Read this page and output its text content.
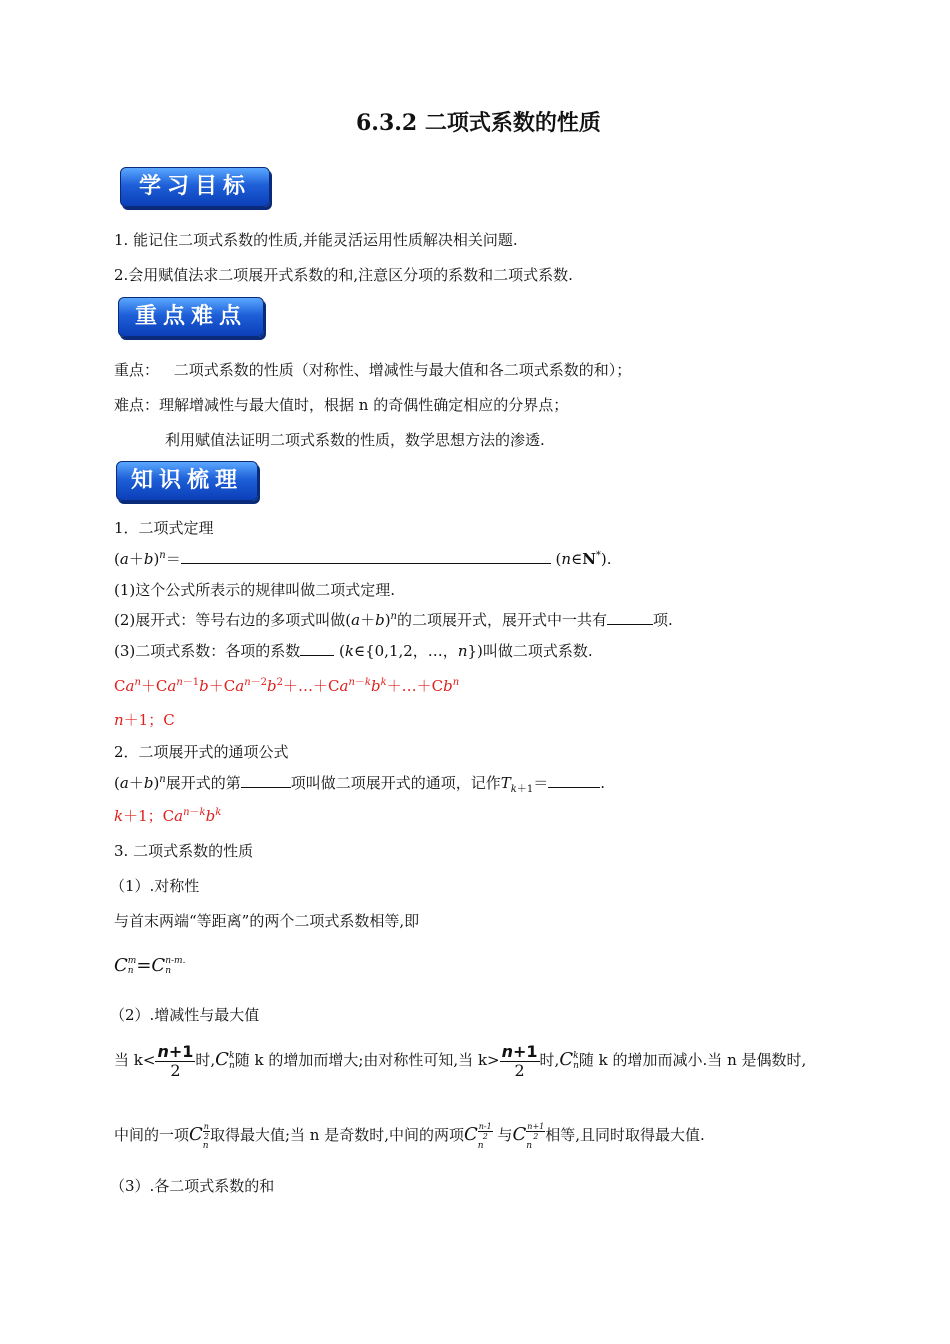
6.3.2 二项式系数的性质
学习目标
1. 能记住二项式系数的性质,并能灵活运用性质解决相关问题.
2.会用赋值法求二项展开式系数的和,注意区分项的系数和二项式系数.
重点难点
重点： 二项式系数的性质（对称性、增减性与最大值和各二项式系数的和）；
难点：理解增减性与最大值时，根据 n 的奇偶性确定相应的分界点；
利用赋值法证明二项式系数的性质，数学思想方法的渗透.
知识梳理
1．二项式定理
$(a+b)^n=$	(n∈N*).
(1)这个公式所表示的规律叫做二项式定理.
(2)展开式：等号右边的多项式叫做$(a+b)^n$的二项展开式，展开式中一共有	项.
(3)二项式系数：各项的系数	(k∈{0,1,2，…，n})叫做二项式系数.
$Ca^n+Ca^{n-1}b+Ca^{n-2}b^2+\dots+Ca^{n-k}b^k+\dots+Cb^n$
n＋1；C
2．二项展开式的通项公式
$(a+b)^n$展开式的第	项叫做二项展开式的通项，记作$T_{k+1}=$	.
k＋1；$Ca^{n-k}b^k$
3. 二项式系数的性质
（1）.对称性
与首末两端“等距离”的两个二项式系数相等,即
C m
n =C n-m.
n
（2）.增减性与最大值
当 $k< \frac{n+1}{2}$ 时,C k
n 随 k 的增加而增大;由对称性可知,当 $k> \frac{n+1}{2}$ 时,C k
n 随 k 的增加而减小.当 n 是偶数时,
中间的一项C n
2
n
取得最大值;当 n 是奇数时,中间的两项C n-1
2
n
与C n+1
2
n
相等,且同时取得最大值.
（3）.各二项式系数的和
